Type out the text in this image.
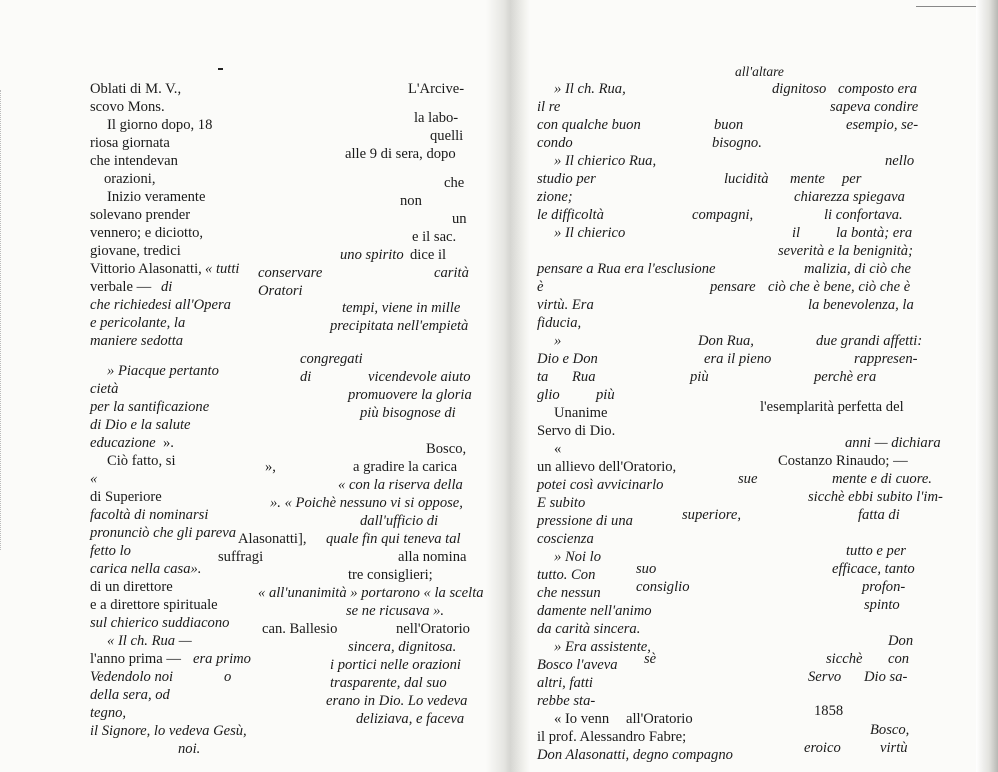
Oblati di M. V.,	L'Arcive-
scovo Mons.
Il giorno dopo, 18	la labo-
riosa giornata	quelli
che intendevan	alle 9 di sera, dopo
orazioni,
Inizio veramente
che
solevano prender
non
vennero; e diciotto,
un
giovane, tredici
e il sac.
Vittorio Alasonatti, « tutti
uno spirito dice il
verbale — di
conservare	carità
che richiedesi all'Opera
Oratori
e pericolante, la
tempi, viene in mille
maniere sedotta
precipitata nell'empietà
» Piacque pertanto
congregati
cietà
di	vicendevole aiuto
per la santificazione
promuovere la gloria
di Dio e la salute
più bisognose di
educazione ».
Ciò fatto, si
Bosco,
«
»,	a gradire la carica
di Superiore
« con la riserva della
facoltà di nominarsi
». « Poichè nessuno vi si oppose,
pronunciò che gli pareva
dall'ufficio di
fetto lo
Alasonatti], quale fin qui teneva tal
carica nella casa».
suffragi	alla nomina
di un direttore
tre consiglieri;
e a direttore spirituale
« all'unanimità » portarono « la scelta
sul chierico suddiacono
se ne ricusava ».
« Il ch. Rua —
can. Ballesio	nell'Oratorio
l'anno prima — era primo
sincera, dignitosa.
Vedendolo noi	o
i portici nelle orazioni
della sera, od
trasparente, dal suo
tegno,
erano in Dio. Lo vedeva
il Signore, lo vedeva Gesù,
deliziava, e faceva
noi.
» Il ch. Rua,	dignitoso composto era
il re	sapeva condire
con qualche buon	buon	esempio, se-
condo	bisogno.
» Il chierico Rua,	nello
studio per	lucidità mente per
zione;	chiarezza spiegava
le difficoltà	compagni,	li confortava.
» Il chierico	il la bontà; era
severità e la benignità;
pensare a Rua era l'esclusione	malizia, di ciò che
è	pensare ciò che è bene, ciò che è
virtù. Era	la benevolenza, la
fiducia,
»	Don Rua,	due grandi affetti:
Dio e Don	era il pieno	rappresen-
ta Rua	più	perchè era
glio più
Unanime	l'esemplarità perfetta del
Servo di Dio.
«	anni — dichiara
un allievo dell'Oratorio,	Costanzo Rinaudo; —
potei così avvicinarlo	sue	mente e di cuore.
E subito	sicchè ebbi subito l'im-
pressione di una	superiore,	fatta di
coscienza
» Noi lo	tutto e per
tutto. Con	suo	efficace, tanto
che nessun consiglio	profon-
damente nell'animo	spinto
da carità sincera.
» Era assistente,	Don
Bosco l'aveva sè	sicchè con
altri, fatti	Servo Dio sa-
rebbe sta-
« Io venn all'Oratorio	1858
il prof. Alessandro Fabre;	Bosco,
Don Alasonatti, degno compagno	eroico	virtù
all'altare
